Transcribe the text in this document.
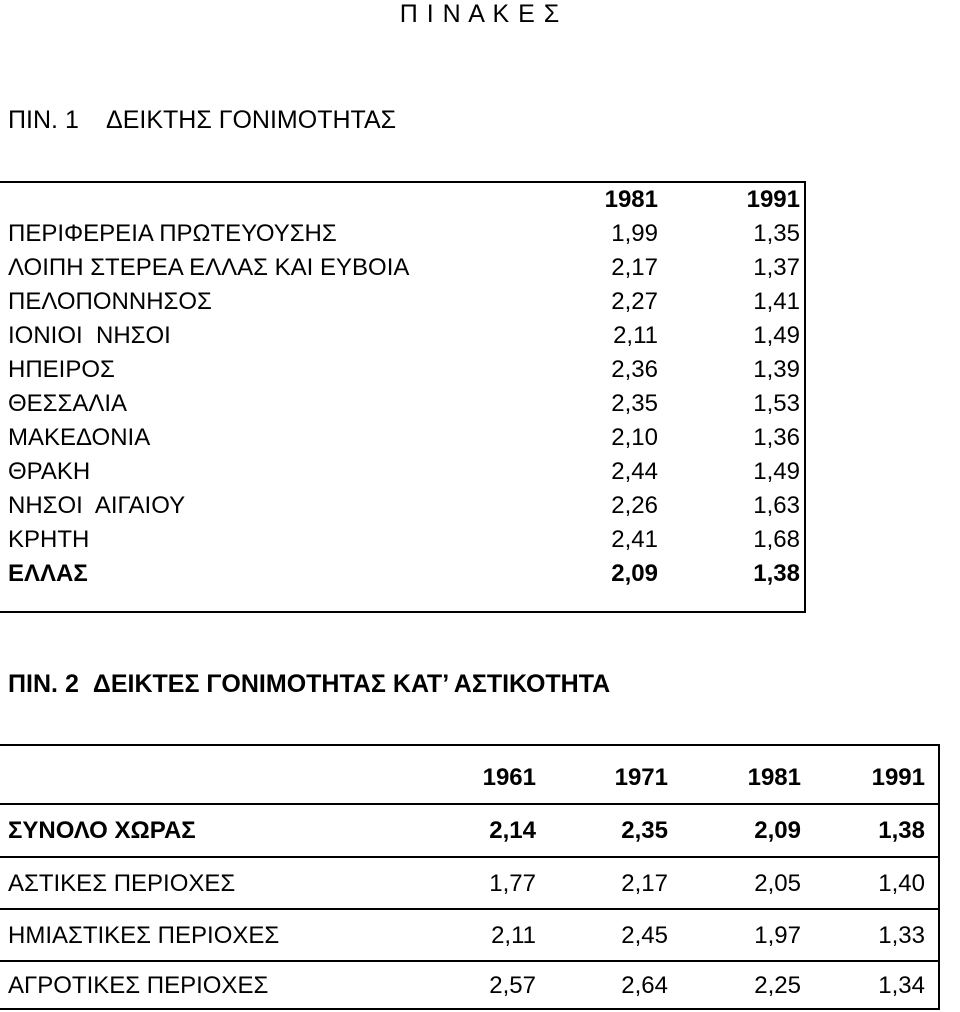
Π Ι Ν Α Κ Ε Σ
ΠΙΝ. 1 ΔΕΙΚΤΗΣ ΓΟΝΙΜΟΤΗΤΑΣ
1981	1991
ΠΕΡΙΦΕΡΕΙΑ ΠΡΩΤΕΥΟΥΣΗΣ	1,99	1,35
ΛΟΙΠΗ ΣΤΕΡΕΑ ΕΛΛΑΣ ΚΑΙ ΕΥΒΟΙΑ	2,17	1,37
ΠΕΛΟΠΟΝΝΗΣΟΣ	2,27	1,41
ΙΟΝΙΟΙ  ΝΗΣΟΙ	2,11	1,49
ΗΠΕΙΡΟΣ	2,36	1,39
ΘΕΣΣΑΛΙΑ	2,35	1,53
ΜΑΚΕΔΟΝΙΑ	2,10	1,36
ΘΡΑΚΗ	2,44	1,49
ΝΗΣΟΙ  ΑΙΓΑΙΟΥ	2,26	1,63
ΚΡΗΤΗ	2,41	1,68
ΕΛΛΑΣ	2,09	1,38
ΠΙΝ. 2 ΔΕΙΚΤΕΣ ΓΟΝΙΜΟΤΗΤΑΣ ΚΑΤ’ ΑΣΤΙΚΟΤΗΤΑ
1961	1971	1981	1991
ΣΥΝΟΛΟ ΧΩΡΑΣ	2,14	2,35	2,09	1,38
ΑΣΤΙΚΕΣ ΠΕΡΙΟΧΕΣ	1,77	2,17	2,05	1,40
ΗΜΙΑΣΤΙΚΕΣ ΠΕΡΙΟΧΕΣ	2,11	2,45	1,97	1,33
ΑΓΡΟΤΙΚΕΣ ΠΕΡΙΟΧΕΣ	2,57	2,64	2,25	1,34
